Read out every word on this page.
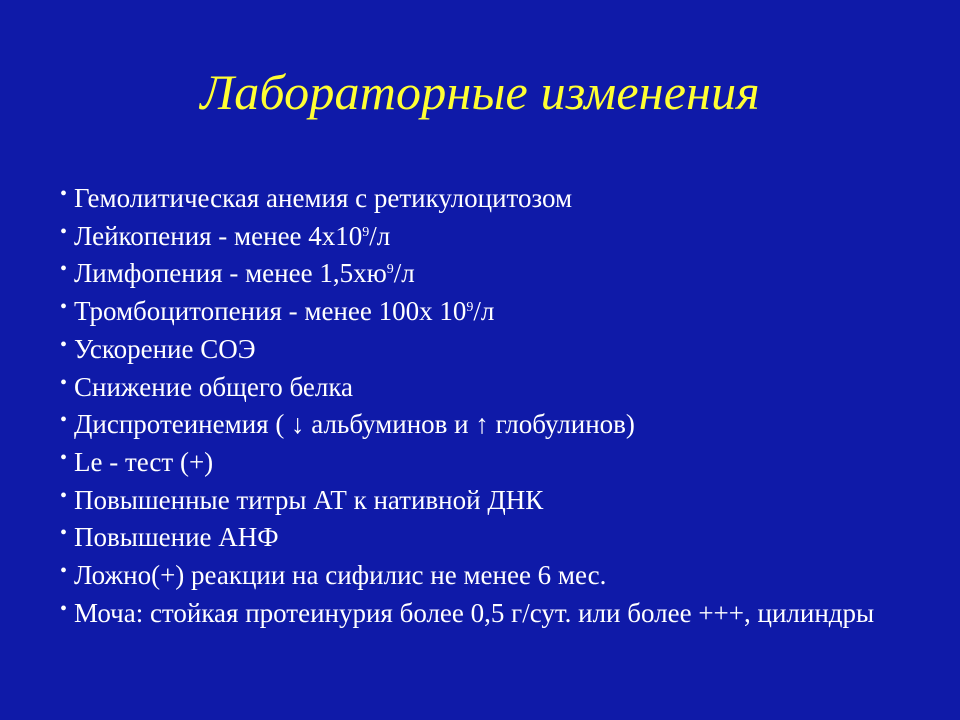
Лабораторные изменения
• Гемолитическая анемия с ретикулоцитозом
• Лейкопения - менее $4х10^9/л$
• Лимфопения - менее $1,5хю^9/л$
• Тромбоцитопения - менее 100х $10^9/л$
• Ускорение СОЭ
• Снижение общего белка
• Диспротеинемия ( ↓ альбуминов и ↑ глобулинов)
• Le - тест (+)
• Повышенные титры АТ к нативной ДНК
• Повышение АНФ
• Ложно(+) реакции на сифилис не менее 6 мес.
• Моча: стойкая протеинурия более 0,5 г/сут. или более +++, цилиндры
